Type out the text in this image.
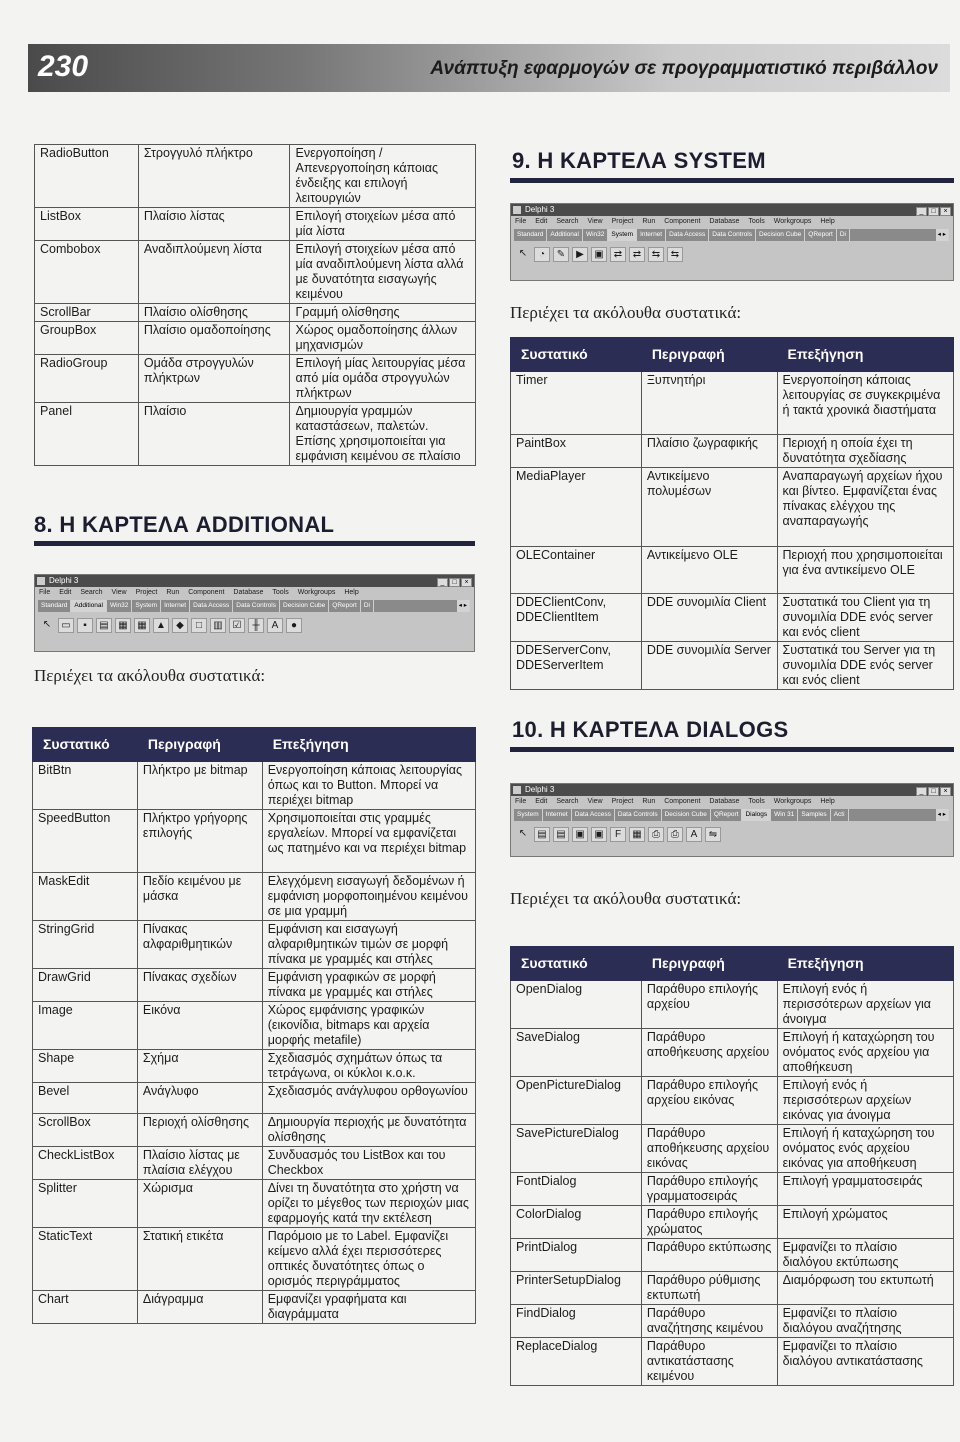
230	Ανάπτυξη εφαρμογών σε προγραμματιστικό περιβάλλον
RadioButton	Στρογγυλό πλήκτρο	Ενεργοποίηση / Απενεργοποίηση κάποιας ένδειξης και επιλογή λειτουργιών
ListBox	Πλαίσιο λίστας	Επιλογή στοιχείων μέσα από μία λίστα
Combobox	Αναδιπλούμενη λίστα	Επιλογή στοιχείων μέσα από μία αναδιπλούμενη λίστα αλλά με δυνατότητα εισαγωγής κειμένου
ScrollBar	Πλαίσιο ολίσθησης	Γραμμή ολίσθησης
GroupBox	Πλαίσιο ομαδοποίησης	Χώρος ομαδοποίησης άλλων μηχανισμών
RadioGroup	Ομάδα στρογγυλών πλήκτρων	Επιλογή μίας λειτουργίας μέσα από μία ομάδα στρογγυλών πλήκτρων
Panel	Πλαίσιο	Δημιουργία γραμμών καταστάσεων, παλετών. Επίσης χρησιμοποιείται για εμφάνιση κειμένου σε πλαίσιο
8. Η ΚΑΡΤΕΛΑ ADDITIONAL
Delphi 3	_ □ ×
File Edit Search View Project Run Component Database Tools Workgroups Help
Standard Additional Win32 System Internet Data Access Data Controls Decision Cube QReport Di	◂ ▸
↖	▭	▪	▤ ▦ ▦ ▲	◆	□	▥ ☑	╫	A	●
Περιέχει τα ακόλουθα συστατικά:
Συστατικό	Περιγραφή	Επεξήγηση
BitBtn	Πλήκτρο με bitmap	Ενεργοποίηση κάποιας λειτουργίας όπως και το Button. Μπορεί να περιέχει bitmap
SpeedButton	Πλήκτρο γρήγορης επιλογής	Χρησιμοποιείται στις γραμμές εργαλείων. Μπορεί να εμφανίζεται ως πατημένο και να περιέχει bitmap
MaskEdit	Πεδίο κειμένου με μάσκα	Ελεγχόμενη εισαγωγή δεδομένων ή εμφάνιση μορφοποιημένου κειμένου σε μια γραμμή
StringGrid	Πίνακας αλφαριθμητικών	Εμφάνιση και εισαγωγή αλφαριθμητικών τιμών σε μορφή πίνακα με γραμμές και στήλες
DrawGrid	Πίνακας σχεδίων	Εμφάνιση γραφικών σε μορφή πίνακα με γραμμές και στήλες
Image	Εικόνα	Χώρος εμφάνισης γραφικών (εικονίδια, bitmaps και αρχεία μορφής metafile)
Shape	Σχήμα	Σχεδιασμός σχημάτων όπως τα τετράγωνα, οι κύκλοι κ.ο.κ.
Bevel	Ανάγλυφο	Σχεδιασμός ανάγλυφου ορθογωνίου
ScrollBox	Περιοχή ολίσθησης	Δημιουργία περιοχής με δυνατότητα ολίσθησης
CheckListBox	Πλαίσιο λίστας με πλαίσια ελέγχου	Συνδυασμός του ListBox και του Checkbox
Splitter	Χώρισμα	Δίνει τη δυνατότητα στο χρήστη να ορίζει το μέγεθος των περιοχών μιας εφαρμογής κατά την εκτέλεση
StaticText	Στατική ετικέτα	Παρόμοιο με το Label. Εμφανίζει κείμενο αλλά έχει περισσότερες οπτικές δυνατότητες όπως ο ορισμός περιγράμματος
Chart	Διάγραμμα	Εμφανίζει γραφήματα και διαγράμματα
9. Η ΚΑΡΤΕΛΑ SYSTEM
Delphi 3	_ □ ×
File Edit Search View Project Run Component Database Tools Workgroups Help
Standard Additional Win32 System Internet Data Access Data Controls Decision Cube QReport Di	◂ ▸
↖	◔	✎	▶	▣	⇄	⇄	⇆	⇆
Περιέχει τα ακόλουθα συστατικά:
Συστατικό	Περιγραφή	Επεξήγηση
Timer	Ξυπνητήρι	Ενεργοποίηση κάποιας λειτουργίας σε συγκεκριμένα ή τακτά χρονικά διαστήματα
PaintBox	Πλαίσιο ζωγραφικής	Περιοχή η οποία έχει τη δυνατότητα σχεδίασης
MediaPlayer	Αντικείμενο πολυμέσων	Αναπαραγωγή αρχείων ήχου και βίντεο. Εμφανίζεται ένας πίνακας ελέγχου της αναπαραγωγής
OLEContainer	Αντικείμενο OLE	Περιοχή που χρησιμοποιείται για ένα αντικείμενο OLE
DDEClientConv, DDEClientItem	DDE συνομιλία Client	Συστατικά του Client για τη συνομιλία DDE ενός server και ενός client
DDEServerConv, DDEServerItem	DDE συνομιλία Server	Συστατικά του Server για τη συνομιλία DDE ενός server και ενός client
10. Η ΚΑΡΤΕΛΑ DIALOGS
Delphi 3	_ □ ×
File Edit Search View Project Run Component Database Tools Workgroups Help
System Internet Data Access Data Controls Decision Cube QReport Dialogs Win 31 Samples Acti	◂ ▸
↖	▤ ▤ ▣ ▣	F	▦	⎙	⎙	A	⇋
Περιέχει τα ακόλουθα συστατικά:
Συστατικό	Περιγραφή	Επεξήγηση
OpenDialog	Παράθυρο επιλογής αρχείου	Επιλογή ενός ή περισσότερων αρχείων για άνοιγμα
SaveDialog	Παράθυρο αποθήκευσης αρχείου	Επιλογή ή καταχώρηση του ονόματος ενός αρχείου για αποθήκευση
OpenPictureDialog	Παράθυρο επιλογής αρχείου εικόνας	Επιλογή ενός ή περισσότερων αρχείων εικόνας για άνοιγμα
SavePictureDialog	Παράθυρο αποθήκευσης αρχείου εικόνας	Επιλογή ή καταχώρηση του ονόματος ενός αρχείου εικόνας για αποθήκευση
FontDialog	Παράθυρο επιλογής γραμματοσειράς	Επιλογή γραμματοσειράς
ColorDialog	Παράθυρο επιλογής χρώματος	Επιλογή χρώματος
PrintDialog	Παράθυρο εκτύπωσης	Εμφανίζει το πλαίσιο διαλόγου εκτύπωσης
PrinterSetupDialog	Παράθυρο ρύθμισης εκτυπωτή	Διαμόρφωση του εκτυπωτή
FindDialog	Παράθυρο αναζήτησης κειμένου	Εμφανίζει το πλαίσιο διαλόγου αναζήτησης
ReplaceDialog	Παράθυρο αντικατάστασης κειμένου	Εμφανίζει το πλαίσιο διαλόγου αντικατάστασης
